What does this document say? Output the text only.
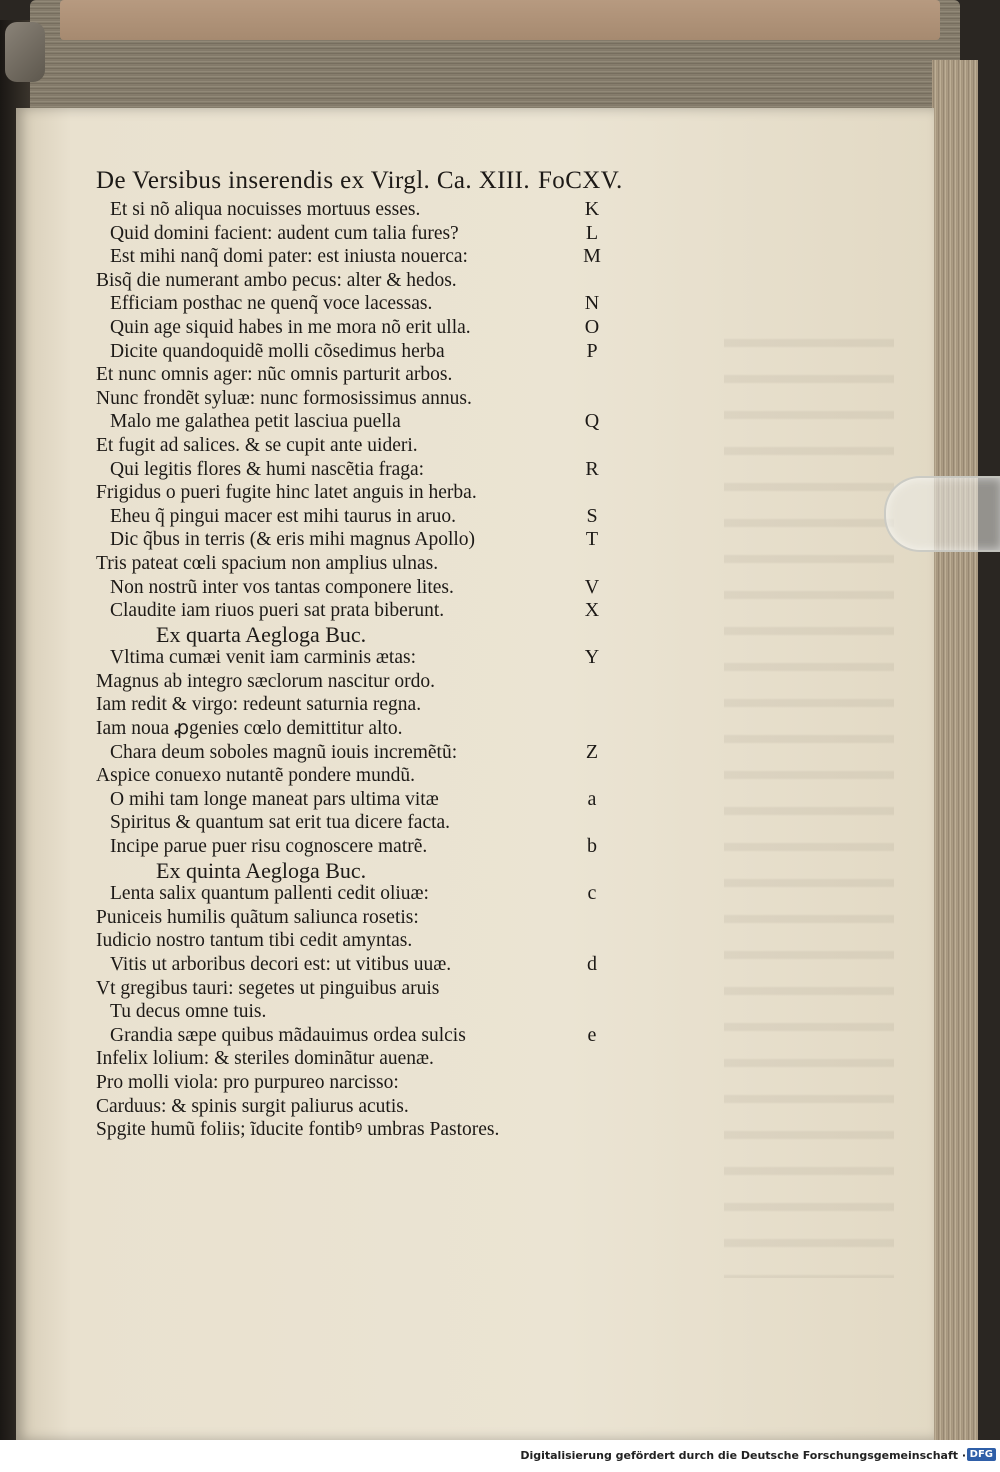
De Versibus inserendis ex Virgl. Ca. XIII. FoCXV.
Et si nõ aliqua nocuisses mortuus esses.	K
Quid domini facient: audent cum talia fures?	L
Est mihi nanq̃ domi pater: est iniusta nouerca:	M
Bisq̃ die numerant ambo pecus: alter & hedos.
Efficiam posthac ne quenq̃ voce lacessas.	N
Quin age siquid habes in me mora nõ erit ulla.	O
Dicite quandoquidẽ molli cõsedimus herba	P
Et nunc omnis ager: nũc omnis parturit arbos.
Nunc frondẽt syluæ: nunc formosissimus annus.
Malo me galathea petit lasciua puella	Q
Et fugit ad salices. & se cupit ante uideri.
Qui legitis flores & humi nascẽtia fraga:	R
Frigidus o pueri fugite hinc latet anguis in herba.
Eheu q̃ pingui macer est mihi taurus in aruo.	S
Dic q̃bus in terris (& eris mihi magnus Apollo)	T
Tris pateat cœli spacium non amplius ulnas.
Non nostrũ inter vos tantas componere lites.	V
Claudite iam riuos pueri sat prata biberunt.	X
Ex quarta Aegloga Buc.
Vltima cumæi venit iam carminis ætas:	Y
Magnus ab integro sæclorum nascitur ordo.
Iam redit & virgo: redeunt saturnia regna.
Iam noua ꝓgenies cœlo demittitur alto.
Chara deum soboles magnũ iouis incremẽtũ:	Z
Aspice conuexo nutantẽ pondere mundũ.
O mihi tam longe maneat pars ultima vitæ	a
Spiritus & quantum sat erit tua dicere facta.
Incipe parue puer risu cognoscere matrẽ.	b
Ex quinta Aegloga Buc.
Lenta salix quantum pallenti cedit oliuæ:	c
Puniceis humilis quãtum saliunca rosetis:
Iudicio nostro tantum tibi cedit amyntas.
Vitis ut arboribus decori est: ut vitibus uuæ.	d
Vt gregibus tauri: segetes ut pinguibus aruis
Tu decus omne tuis.
Grandia sæpe quibus mãdauimus ordea sulcis	e
Infelix lolium: & steriles dominãtur auenæ.
Pro molli viola: pro purpureo narcisso:
Carduus: & spinis surgit paliurus acutis.
Spgite humũ foliis; ĩducite fontibꝰ umbras Pastores.
Digitalisierung gefördert durch die Deutsche Forschungsgemeinschaft · DFG
